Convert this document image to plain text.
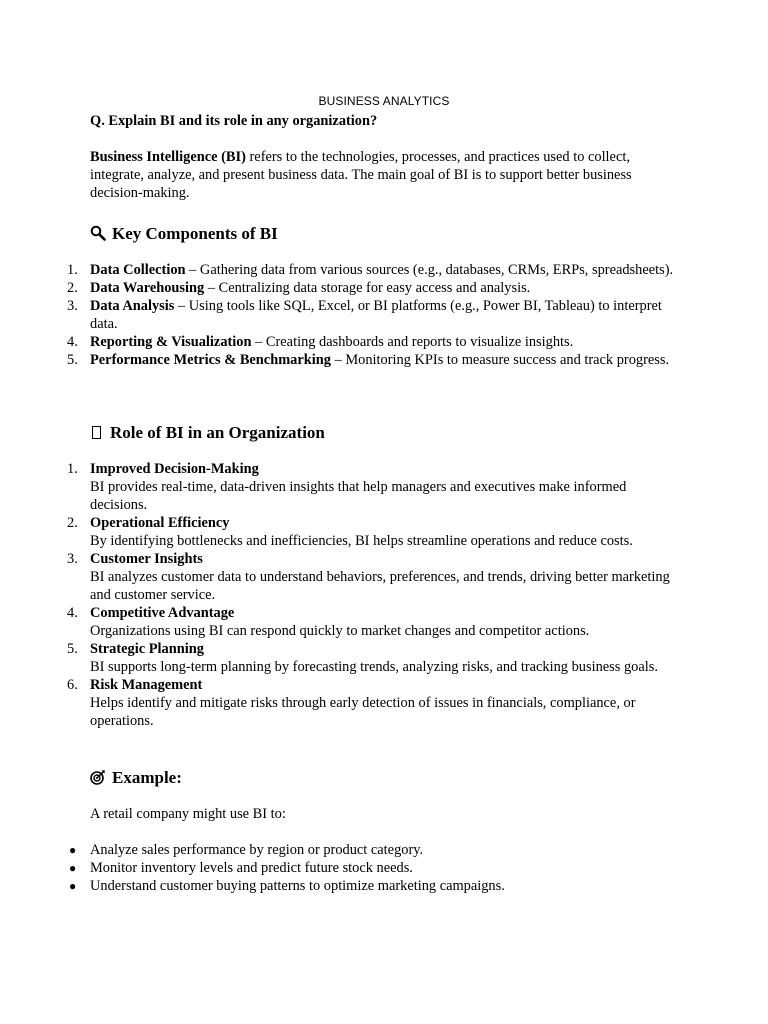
BUSINESS ANALYTICS
Q. Explain BI and its role in any organization?
Business Intelligence (BI) refers to the technologies, processes, and practices used to collect, integrate, analyze, and present business data. The main goal of BI is to support better business decision-making.
Key Components of BI
1. Data Collection – Gathering data from various sources (e.g., databases, CRMs, ERPs, spreadsheets).
2. Data Warehousing – Centralizing data storage for easy access and analysis.
3. Data Analysis – Using tools like SQL, Excel, or BI platforms (e.g., Power BI, Tableau) to interpret data.
4. Reporting & Visualization – Creating dashboards and reports to visualize insights.
5. Performance Metrics & Benchmarking – Monitoring KPIs to measure success and track progress.
Role of BI in an Organization
1. Improved Decision-Making
BI provides real-time, data-driven insights that help managers and executives make informed decisions.
2. Operational Efficiency
By identifying bottlenecks and inefficiencies, BI helps streamline operations and reduce costs.
3. Customer Insights
BI analyzes customer data to understand behaviors, preferences, and trends, driving better marketing and customer service.
4. Competitive Advantage
Organizations using BI can respond quickly to market changes and competitor actions.
5. Strategic Planning
BI supports long-term planning by forecasting trends, analyzing risks, and tracking business goals.
6. Risk Management
Helps identify and mitigate risks through early detection of issues in financials, compliance, or operations.
Example:
A retail company might use BI to:
● Analyze sales performance by region or product category.
● Monitor inventory levels and predict future stock needs.
● Understand customer buying patterns to optimize marketing campaigns.
